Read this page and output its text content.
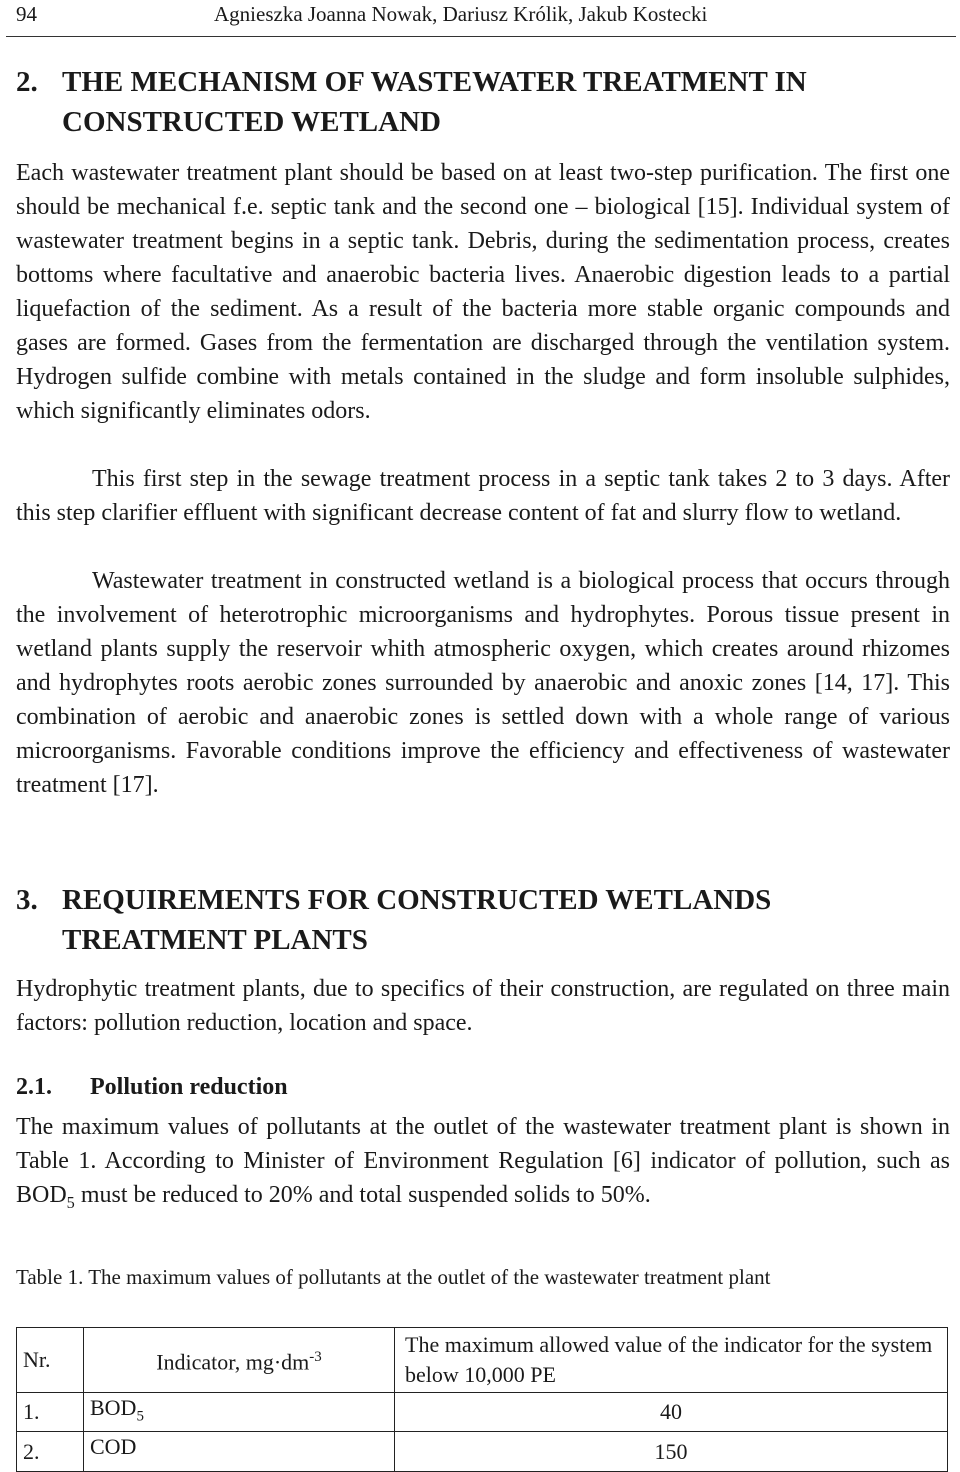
94	Agnieszka Joanna Nowak, Dariusz Królik, Jakub Kostecki
2. THE MECHANISM OF WASTEWATER TREATMENT IN
CONSTRUCTED WETLAND

Each wastewater treatment plant should be based on at least two-step purification. The first one should be mechanical f.e. septic tank and the second one – biological [15]. Individual system of wastewater treatment begins in a septic tank. Debris, during the sedimentation process, creates bottoms where facultative and anaerobic bacteria lives. Anaerobic digestion leads to a partial liquefaction of the sediment. As a result of the bacteria more stable organic compounds and gases are formed. Gases from the fermentation are discharged through the ventilation system. Hydrogen sulfide combine with metals contained in the sludge and form insoluble sulphides, which significantly eliminates odors.

This first step in the sewage treatment process in a septic tank takes 2 to 3 days. After this step clarifier effluent with significant decrease content of fat and slurry flow to wetland.

Wastewater treatment in constructed wetland is a biological process that occurs through the involvement of heterotrophic microorganisms and hydrophytes. Porous tissue present in wetland plants supply the reservoir whith atmospheric oxygen, which creates around rhizomes and hydrophytes roots aerobic zones surrounded by anaerobic and anoxic zones [14, 17]. This combination of aerobic and anaerobic zones is settled down with a whole range of various microorganisms. Favorable conditions improve the efficiency and effectiveness of wastewater treatment [17].

3. REQUIREMENTS FOR CONSTRUCTED WETLANDS
TREATMENT PLANTS

Hydrophytic treatment plants, due to specifics of their construction, are regulated on three main factors: pollution reduction, location and space.

2.1. Pollution reduction

The maximum values of pollutants at the outlet of the wastewater treatment plant is shown in Table 1. According to Minister of Environment Regulation [6] indicator of pollution, such as $BOD_5$ must be reduced to 20% and total suspended solids to 50%.

Table 1. The maximum values of pollutants at the outlet of the wastewater treatment plant

Nr.	Indicator, $mg\cdot dm^{-3}$	The maximum allowed value of the indicator for the system below 10,000 PE
1.	$BOD_5$	40
2.	COD	150
